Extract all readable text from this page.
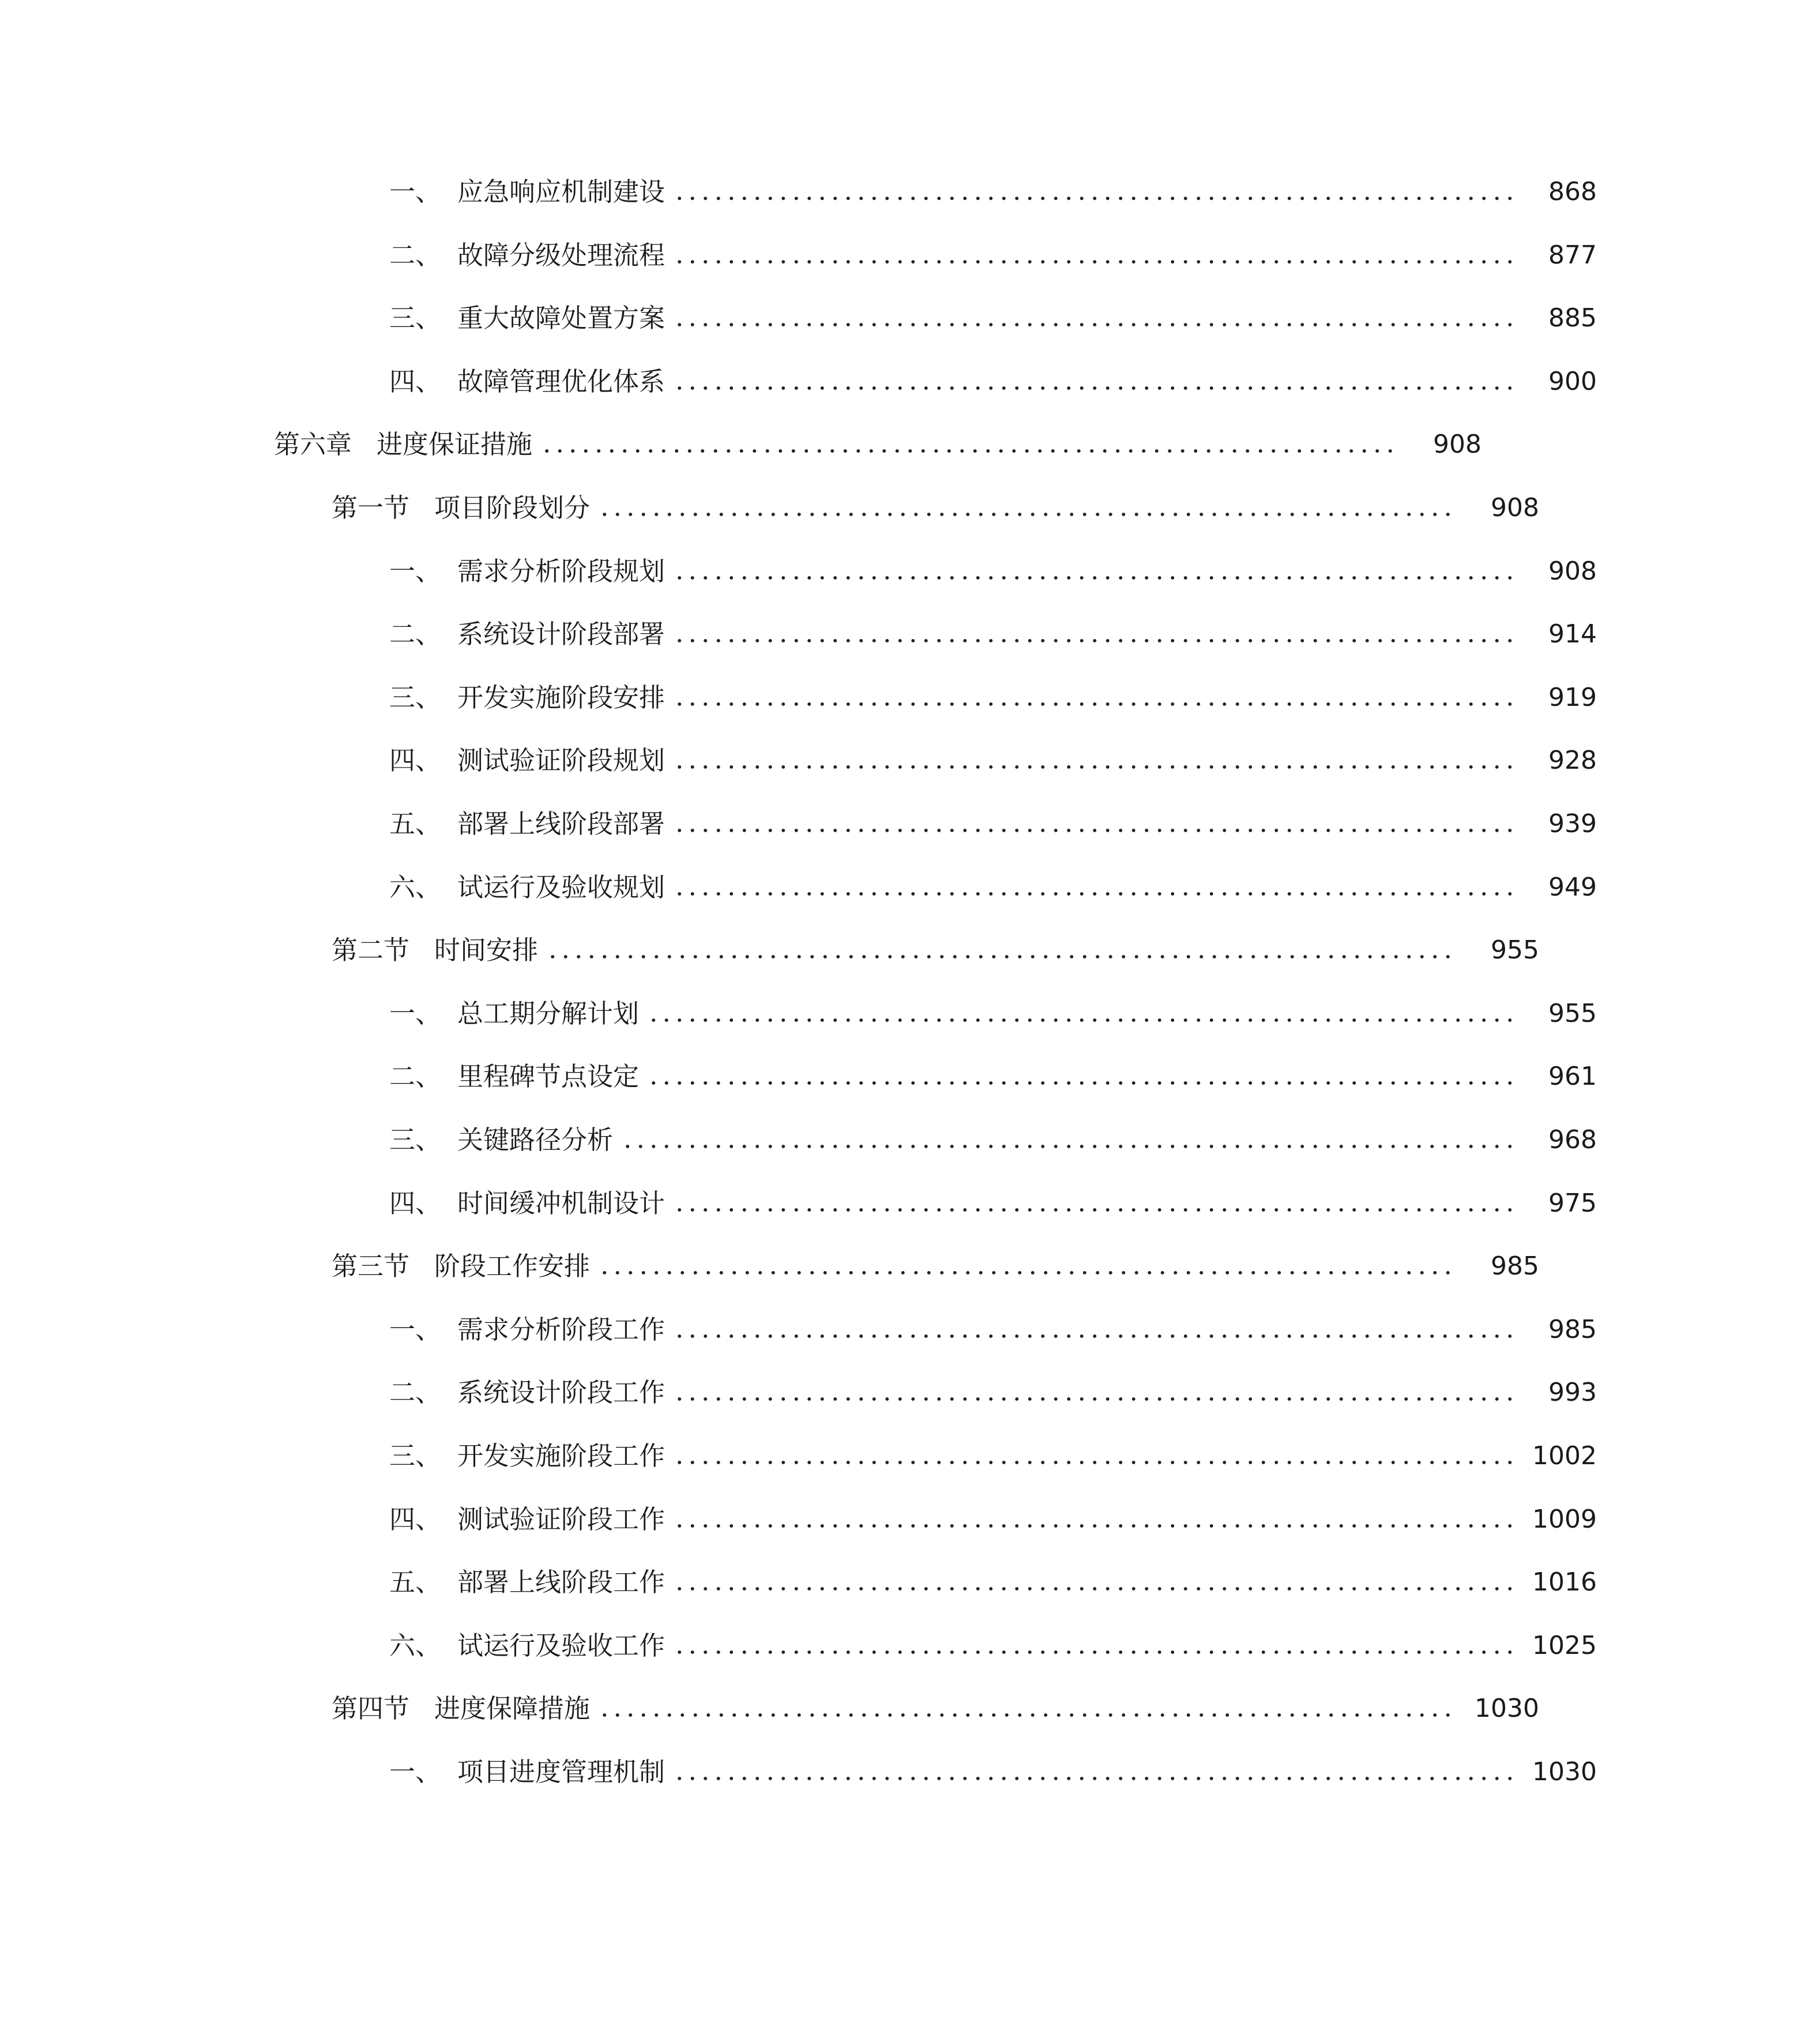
一、 应急响应机制建设	868
二、 故障分级处理流程	877
三、 重大故障处置方案	885
四、 故障管理优化体系	900
第六章 进度保证措施	908
第一节 项目阶段划分	908
一、 需求分析阶段规划	908
二、 系统设计阶段部署	914
三、 开发实施阶段安排	919
四、 测试验证阶段规划	928
五、 部署上线阶段部署	939
六、 试运行及验收规划	949
第二节 时间安排	955
一、 总工期分解计划	955
二、 里程碑节点设定	961
三、 关键路径分析	968
四、 时间缓冲机制设计	975
第三节 阶段工作安排	985
一、 需求分析阶段工作	985
二、 系统设计阶段工作	993
三、 开发实施阶段工作	1002
四、 测试验证阶段工作	1009
五、 部署上线阶段工作	1016
六、 试运行及验收工作	1025
第四节 进度保障措施	1030
一、 项目进度管理机制	1030
